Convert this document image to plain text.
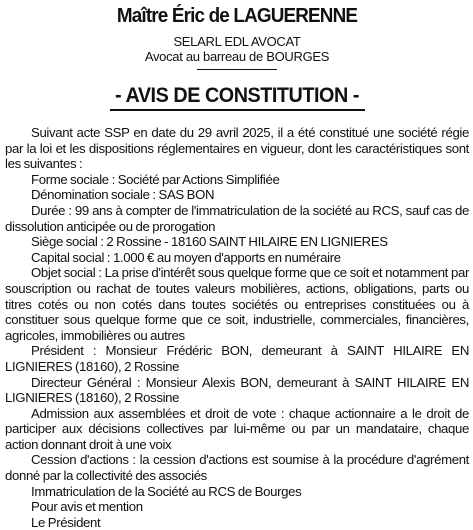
Maître Éric de LAGUERENNE
SELARL EDL AVOCAT
Avocat au barreau de BOURGES
- AVIS DE CONSTITUTION -

Suivant acte SSP en date du 29 avril 2025, il a été constitué une société régie par la loi et les dispositions réglementaires en vigueur, dont les caractéristiques sont les suivantes :

Forme sociale : Société par Actions Simplifiée

Dénomination sociale : SAS BON

Durée : 99 ans à compter de l'immatriculation de la société au RCS, sauf cas de dissolution anticipée ou de prorogation

Siège social : 2 Rossine - 18160 SAINT HILAIRE EN LIGNIERES

Capital social : 1.000 € au moyen d'apports en numéraire

Objet social : La prise d'intérêt sous quelque forme que ce soit et notamment par souscription ou rachat de toutes valeurs mobilières, actions, obligations, parts ou titres cotés ou non cotés dans toutes sociétés ou entreprises constituées ou à constituer sous quelque forme que ce soit, industrielle, commerciales, financières, agricoles, immobilières ou autres

Président : Monsieur Frédéric BON, demeurant à SAINT HILAIRE EN LIGNIERES (18160), 2 Rossine

Directeur Général : Monsieur Alexis BON, demeurant à SAINT HILAIRE EN LIGNIERES (18160), 2 Rossine

Admission aux assemblées et droit de vote : chaque actionnaire a le droit de participer aux décisions collectives par lui-même ou par un mandataire, chaque action donnant droit à une voix

Cession d'actions : la cession d'actions est soumise à la procédure d'agrément donné par la collectivité des associés

Immatriculation de la Société au RCS de Bourges

Pour avis et mention

Le Président
